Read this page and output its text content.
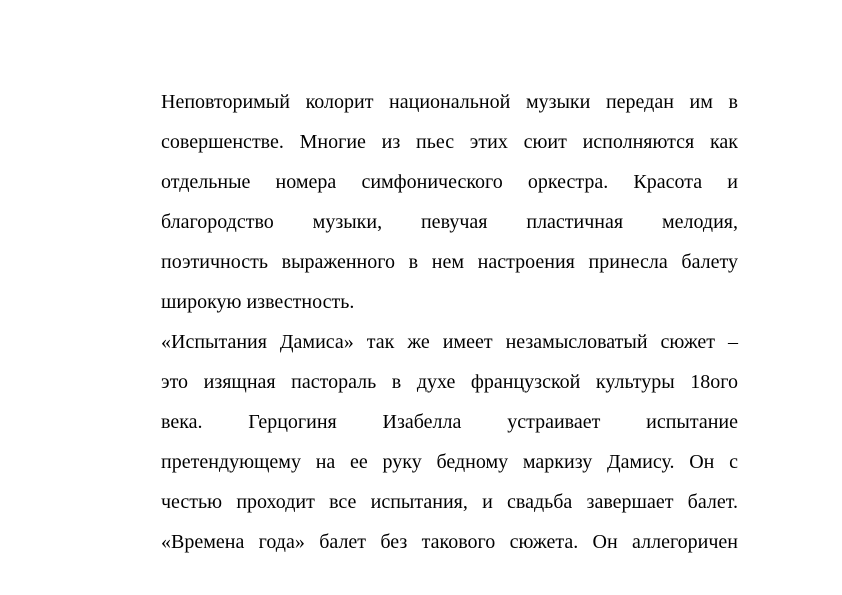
Неповторимый колорит национальной музыки передан им в
совершенстве. Многие из пьес этих сюит исполняются как
отдельные номера симфонического оркестра. Красота и
благородство музыки, певучая пластичная мелодия,
поэтичность выраженного в нем настроения принесла балету
широкую известность.
«Испытания Дамиса» так же имеет незамысловатый сюжет –
это изящная пастораль в духе французской культуры 18ого
века. Герцогиня Изабелла устраивает испытание
претендующему на ее руку бедному маркизу Дамису. Он с
честью проходит все испытания, и свадьба завершает балет.
«Времена года» балет без такового сюжета. Он аллегоричен
